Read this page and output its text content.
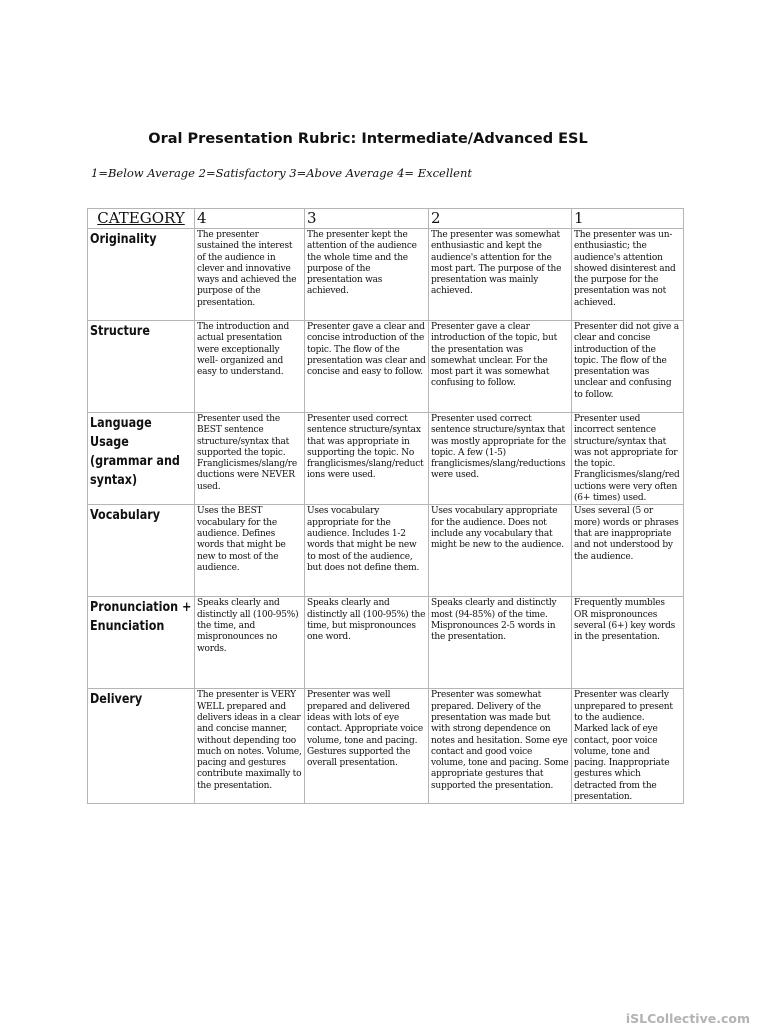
Oral Presentation Rubric: Intermediate/Advanced ESL
1=Below Average 2=Satisfactory 3=Above Average 4= Excellent
CATEGORY	4	3	2	1

Originality	The presenter sustained the interest of the audience in clever and innovative ways and achieved the purpose of the presentation.	The presenter kept the attention of the audience the whole time and the purpose of the presentation was achieved.	The presenter was somewhat enthusiastic and kept the audience's attention for the most part. The purpose of the presentation was mainly achieved.	The presenter was un-enthusiastic; the audience's attention showed disinterest and the purpose for the presentation was not achieved.

Structure	The introduction and actual presentation were exceptionally well- organized and easy to understand.	Presenter gave a clear and concise introduction of the topic. The flow of the presentation was clear and concise and easy to follow.	Presenter gave a clear introduction of the topic, but the presentation was somewhat unclear. For the most part it was somewhat confusing to follow.	Presenter did not give a clear and concise introduction of the topic. The flow of the presentation was unclear and confusing to follow.

Language Usage (grammar and syntax)	Presenter used the BEST sentence structure/syntax that supported the topic. Franglicismes/slang/reductions were NEVER used.	Presenter used correct sentence structure/syntax that was appropriate in supporting the topic. No franglicismes/slang/reductions were used.	Presenter used correct sentence structure/syntax that was mostly appropriate for the topic. A few (1-5) franglicismes/slang/reductions were used.	Presenter used incorrect sentence structure/syntax that was not appropriate for the topic. Franglicismes/slang/reductions were very often (6+ times) used.

Vocabulary	Uses the BEST vocabulary for the audience. Defines words that might be new to most of the audience.	Uses vocabulary appropriate for the audience. Includes 1-2 words that might be new to most of the audience, but does not define them.	Uses vocabulary appropriate for the audience. Does not include any vocabulary that might be new to the audience.	Uses several (5 or more) words or phrases that are inappropriate and not understood by the audience.

Pronunciation + Enunciation	Speaks clearly and distinctly all (100-95%) the time, and mispronounces no words.	Speaks clearly and distinctly all (100-95%) the time, but mispronounces one word.	Speaks clearly and distinctly most (94-85%) of the time. Mispronounces 2-5 words in the presentation.	Frequently mumbles OR mispronounces several (6+) key words in the presentation.

Delivery	The presenter is VERY WELL prepared and delivers ideas in a clear and concise manner, without depending too much on notes. Volume, pacing and gestures contribute maximally to the presentation.	Presenter was well prepared and delivered ideas with lots of eye contact. Appropriate voice volume, tone and pacing. Gestures supported the overall presentation.	Presenter was somewhat prepared. Delivery of the presentation was made but with strong dependence on notes and hesitation. Some eye contact and good voice volume, tone and pacing. Some appropriate gestures that supported the presentation.	Presenter was clearly unprepared to present to the audience. Marked lack of eye contact, poor voice volume, tone and pacing. Inappropriate gestures which detracted from the presentation.
iSLCollective.com
